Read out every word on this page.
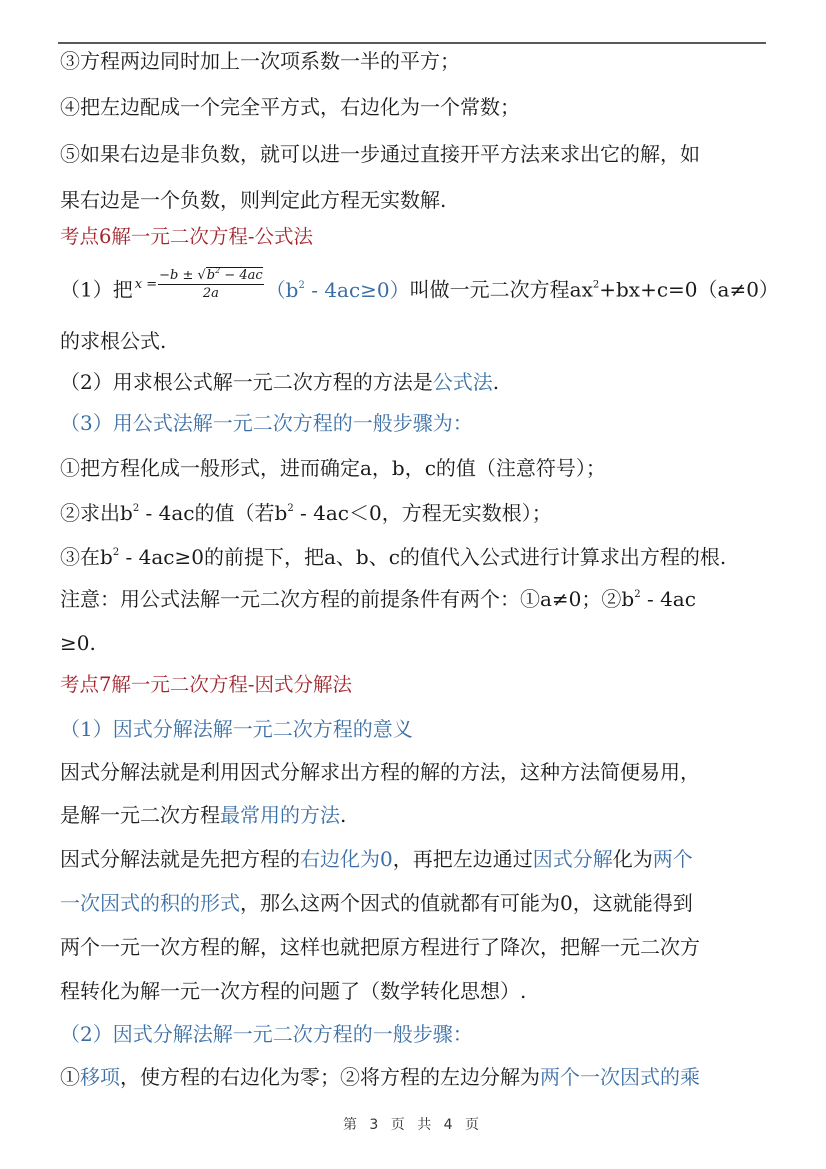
③方程两边同时加上一次项系数一半的平方；
④把左边配成一个完全平方式，右边化为一个常数；
⑤如果右边是非负数，就可以进一步通过直接开平方法来求出它的解，如
果右边是一个负数，则判定此方程无实数解.
考点6解一元二次方程-公式法
（1）把 $x = \frac{-b \pm √b^2 - 4ac}{2a} (b^2 - 4ac\ge 0)$叫做一元二次方程$ax^2+bx+c=0(a\ne 0)$
的求根公式.
（2）用求根公式解一元二次方程的方法是公式法.
（3）用公式法解一元二次方程的一般步骤为：
①把方程化成一般形式，进而确定a，b，c的值（注意符号）；
②求出$b^2 - 4ac$的值（若$b^2 - 4ac<0$，方程无实数根）；
③在$b^2 - 4ac\ge 0$的前提下，把a、b、c的值代入公式进行计算求出方程的根.
注意：用公式法解一元二次方程的前提条件有两个：①a≠0；$②b^2 - 4ac$
≥0.
考点7解一元二次方程-因式分解法
（1）因式分解法解一元二次方程的意义
因式分解法就是利用因式分解求出方程的解的方法，这种方法简便易用，
是解一元二次方程最常用的方法.
因式分解法就是先把方程的右边化为0，再把左边通过因式分解化为两个
一次因式的积的形式，那么这两个因式的值就都有可能为0，这就能得到
两个一元一次方程的解，这样也就把原方程进行了降次，把解一元二次方
程转化为解一元一次方程的问题了（数学转化思想）.
（2）因式分解法解一元二次方程的一般步骤：
①移项，使方程的右边化为零；②将方程的左边分解为两个一次因式的乘
第 3 页 共 4 页
